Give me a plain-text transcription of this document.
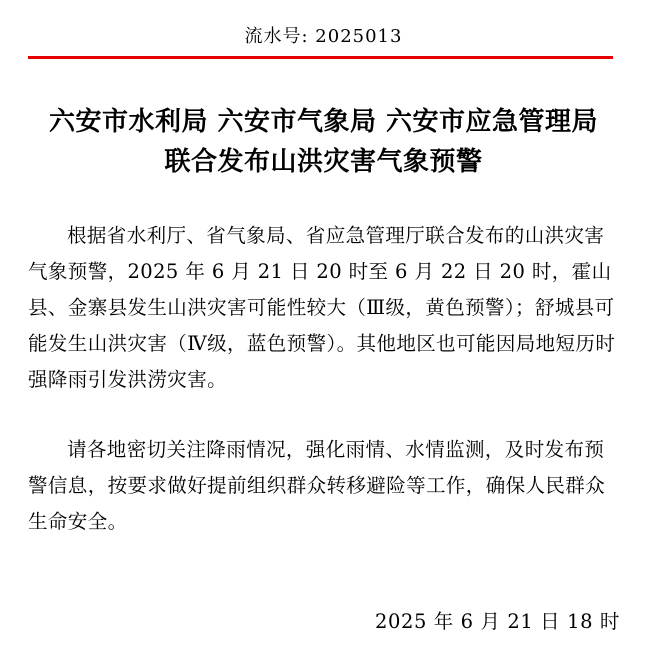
流水号: 2025013
六安市水利局 六安市气象局 六安市应急管理局
联合发布山洪灾害气象预警

根据省水利厅、省气象局、省应急管理厅联合发布的山洪灾害气象预警，2025 年 6 月 21 日 20 时至 6 月 22 日 20 时，霍山县、金寨县发生山洪灾害可能性较大（Ⅲ级，黄色预警）；舒城县可能发生山洪灾害（Ⅳ级，蓝色预警）。其他地区也可能因局地短历时强降雨引发洪涝灾害。

请各地密切关注降雨情况，强化雨情、水情监测，及时发布预警信息，按要求做好提前组织群众转移避险等工作，确保人民群众生命安全。

2025 年 6 月 21 日 18 时
